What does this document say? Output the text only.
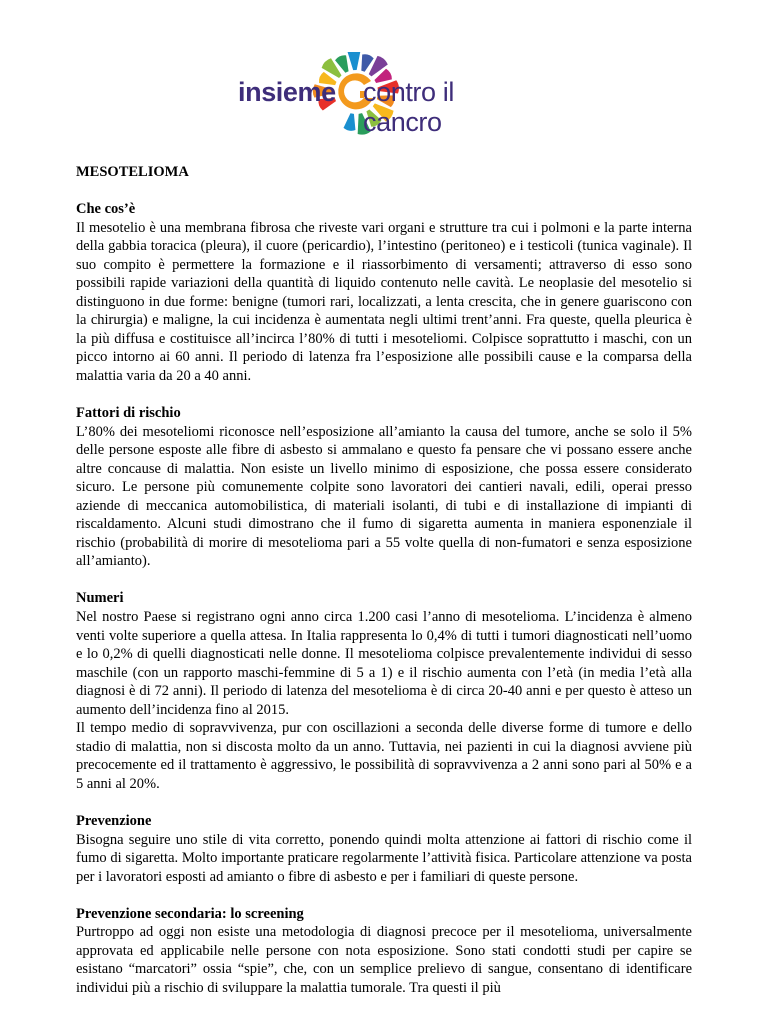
insieme contro il cancro
MESOTELIOMA
Che cos’è

Il mesotelio è una membrana fibrosa che riveste vari organi e strutture tra cui i polmoni e la parte interna della gabbia toracica (pleura), il cuore (pericardio), l’intestino (peritoneo) e i testicoli (tunica vaginale). Il suo compito è permettere la formazione e il riassorbimento di versamenti; attraverso di esso sono possibili rapide variazioni della quantità di liquido contenuto nelle cavità. Le neoplasie del mesotelio si distinguono in due forme: benigne (tumori rari, localizzati, a lenta crescita, che in genere guariscono con la chirurgia) e maligne, la cui incidenza è aumentata negli ultimi trent’anni. Fra queste, quella pleurica è la più diffusa e costituisce all’incirca l’80% di tutti i mesoteliomi. Colpisce soprattutto i maschi, con un picco intorno ai 60 anni. Il periodo di latenza fra l’esposizione alle possibili cause e la comparsa della malattia varia da 20 a 40 anni.

Fattori di rischio

L’80% dei mesoteliomi riconosce nell’esposizione all’amianto la causa del tumore, anche se solo il 5% delle persone esposte alle fibre di asbesto si ammalano e questo fa pensare che vi possano essere anche altre concause di malattia. Non esiste un livello minimo di esposizione, che possa essere considerato sicuro. Le persone più comunemente colpite sono lavoratori dei cantieri navali, edili, operai presso aziende di meccanica automobilistica, di materiali isolanti, di tubi e di installazione di impianti di riscaldamento. Alcuni studi dimostrano che il fumo di sigaretta aumenta in maniera esponenziale il rischio (probabilità di morire di mesotelioma pari a 55 volte quella di non-fumatori e senza esposizione all’amianto).

Numeri

Nel nostro Paese si registrano ogni anno circa 1.200 casi l’anno di mesotelioma. L’incidenza è almeno venti volte superiore a quella attesa. In Italia rappresenta lo 0,4% di tutti i tumori diagnosticati nell’uomo e lo 0,2% di quelli diagnosticati nelle donne. Il mesotelioma colpisce prevalentemente individui di sesso maschile (con un rapporto maschi-femmine di 5 a 1) e il rischio aumenta con l’età (in media l’età alla diagnosi è di 72 anni). Il periodo di latenza del mesotelioma è di circa 20-40 anni e per questo è atteso un aumento dell’incidenza fino al 2015.

Il tempo medio di sopravvivenza, pur con oscillazioni a seconda delle diverse forme di tumore e dello stadio di malattia, non si discosta molto da un anno. Tuttavia, nei pazienti in cui la diagnosi avviene più precocemente ed il trattamento è aggressivo, le possibilità di sopravvivenza a 2 anni sono pari al 50% e a 5 anni al 20%.

Prevenzione

Bisogna seguire uno stile di vita corretto, ponendo quindi molta attenzione ai fattori di rischio come il fumo di sigaretta. Molto importante praticare regolarmente l’attività fisica. Particolare attenzione va posta per i lavoratori esposti ad amianto o fibre di asbesto e per i familiari di queste persone.

Prevenzione secondaria: lo screening

Purtroppo ad oggi non esiste una metodologia di diagnosi precoce per il mesotelioma, universalmente approvata ed applicabile nelle persone con nota esposizione. Sono stati condotti studi per capire se esistano “marcatori” ossia “spie”, che, con un semplice prelievo di sangue, consentano di identificare individui più a rischio di sviluppare la malattia tumorale. Tra questi il più
